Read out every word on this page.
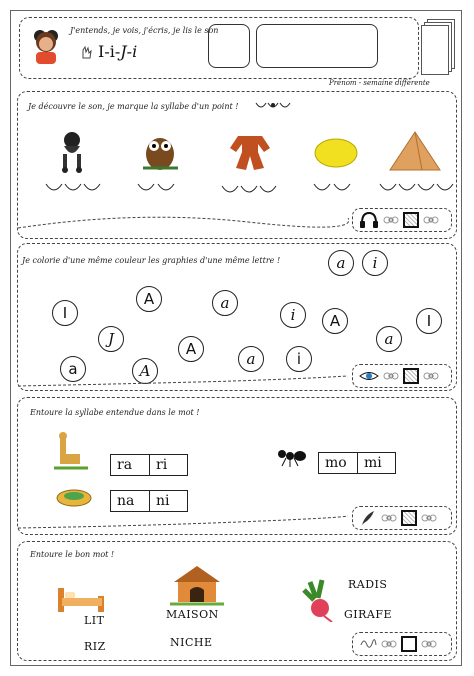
J'entends, je vois, j'écris, je lis le son
I-i-J-i
Prénom - semaine différente
Je découvre le son, je marque la syllabe d'un point !
Je colorie d'une même couleur les graphies d'une même lettre !	a	i
I
A	a
i	A
a
I
J
A
a	i
a	A
Entoure la syllabe entendue dans le mot !
ra	ri	mo	mi
na	ni
Entoure le bon mot !
LIT
RIZ
MAISON
NICHE
RADIS
GIRAFE
